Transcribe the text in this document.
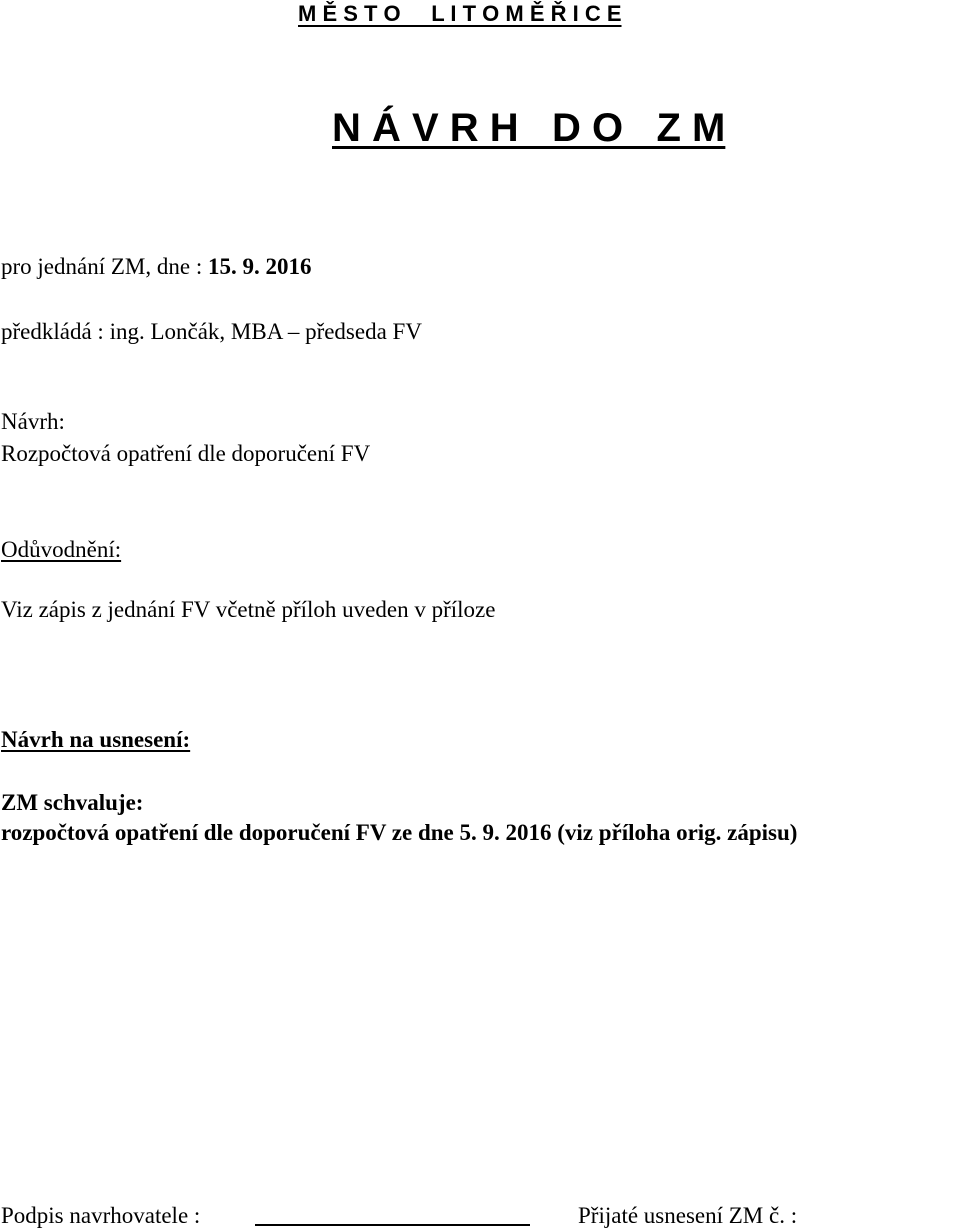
M Ě S T O     L I T O M Ě Ř I C E
N Á V R H   D O   Z M
pro jednání ZM, dne : 15. 9. 2016
předkládá : ing. Lončák, MBA – předseda FV
Návrh:
Rozpočtová opatření dle doporučení FV
Odůvodnění:
Viz zápis z jednání FV včetně příloh uveden v příloze
Návrh na usnesení:
ZM schvaluje:
rozpočtová opatření dle doporučení FV ze dne 5. 9. 2016 (viz příloha orig. zápisu)
Podpis navrhovatele :	Přijaté usnesení ZM č. :
